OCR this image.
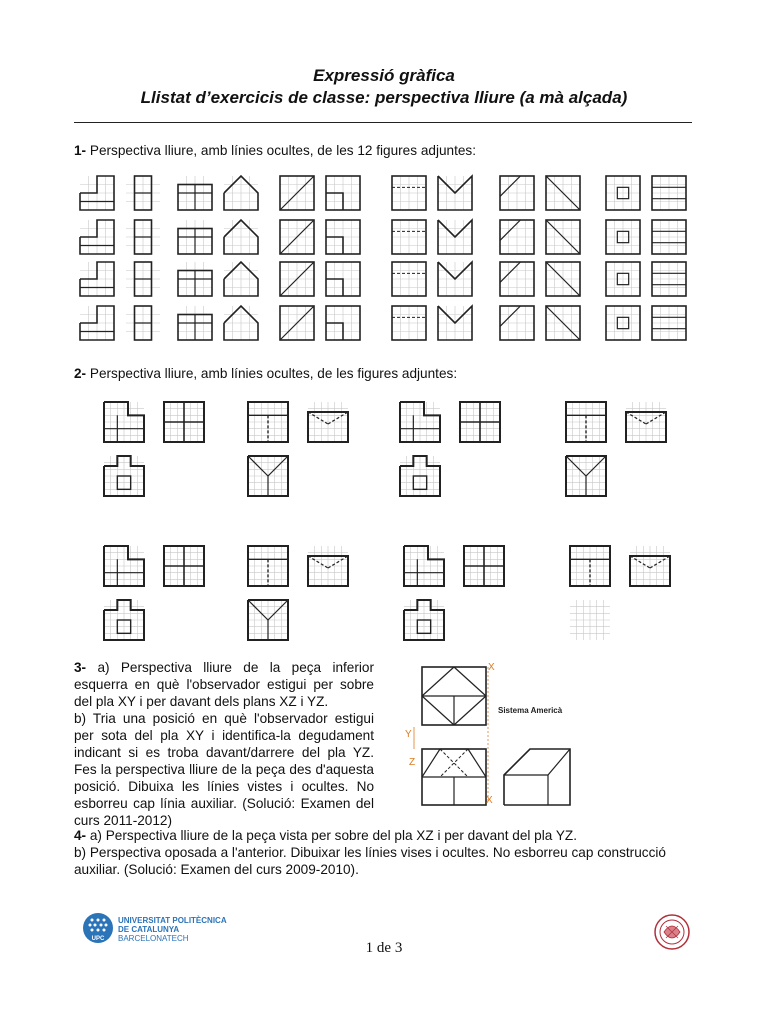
Expressió gràfica
Llistat d’exercicis de classe: perspectiva lliure (a mà alçada)
1- Perspectiva lliure, amb línies ocultes, de les 12 figures adjuntes:
2- Perspectiva lliure, amb línies ocultes, de les figures adjuntes:
3- a) Perspectiva lliure de la peça inferior esquerra en què l'observador estigui per sobre del pla XY i per davant dels plans XZ i YZ.
b) Tria una posició en què l'observador estigui per sota del pla XY i identifica-la degudament indicant si es troba davant/darrere del pla YZ. Fes la perspectiva lliure de la peça des d'aquesta posició. Dibuixa les línies vistes i ocultes. No esborreu cap línia auxiliar. (Solució: Examen del curs 2011-2012)
X
Y
Z
X
Sistema Americà
4- a) Perspectiva lliure de la peça vista per sobre del pla XZ i per davant del pla YZ.
b) Perspectiva oposada a l'anterior. Dibuixar les línies vises i ocultes. No esborreu cap construcció auxiliar. (Solució: Examen del curs 2009-2010).
UPC
UNIVERSITAT POLITÈCNICA
DE CATALUNYA
BARCELONATECH
1 de 3
